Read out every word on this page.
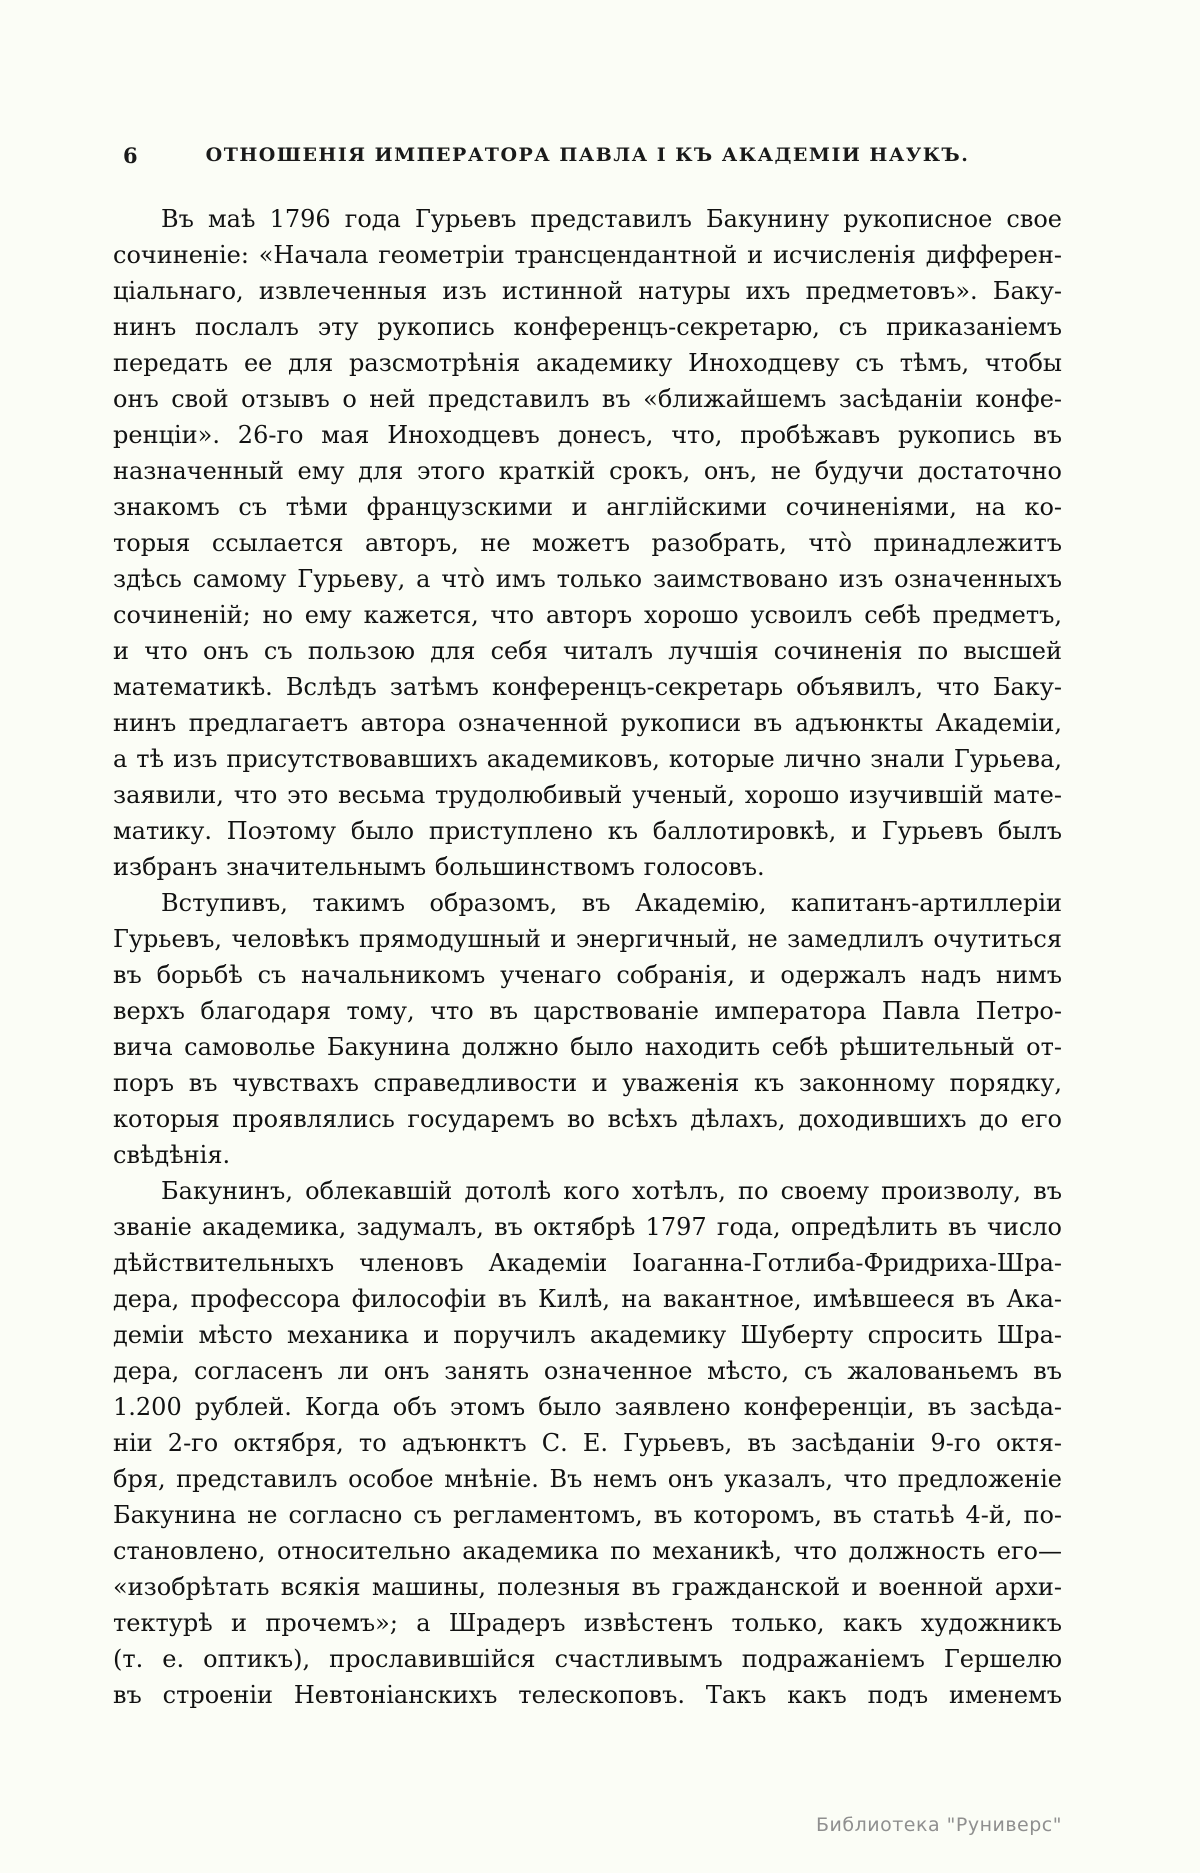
6	ОТНОШЕНІЯ ИМПЕРАТОРА ПАВЛА I КЪ АКАДЕМІИ НАУКЪ.
Въ маѣ 1796 года Гурьевъ представилъ Бакунину рукописное свое
сочиненіе: «Начала геометріи трансцендантной и исчисленія дифферен-
ціальнаго, извлеченныя изъ истинной натуры ихъ предметовъ». Баку-
нинъ послалъ эту рукопись конференцъ-секретарю, съ приказаніемъ
передать ее для разсмотрѣнія академику Иноходцеву съ тѣмъ, чтобы
онъ свой отзывъ о ней представилъ въ «ближайшемъ засѣданіи конфе-
ренціи». 26-го мая Иноходцевъ донесъ, что, пробѣжавъ рукопись въ
назначенный ему для этого краткій срокъ, онъ, не будучи достаточно
знакомъ съ тѣми французскими и англійскими сочиненіями, на ко-
торыя ссылается авторъ, не можетъ разобрать, что̀ принадлежитъ
здѣсь самому Гурьеву, а что̀ имъ только заимствовано изъ означенныхъ
сочиненій; но ему кажется, что авторъ хорошо усвоилъ себѣ предметъ,
и что онъ съ пользою для себя читалъ лучшія сочиненія по высшей
математикѣ. Вслѣдъ затѣмъ конференцъ-секретарь объявилъ, что Баку-
нинъ предлагаетъ автора означенной рукописи въ адъюнкты Академіи,
а тѣ изъ присутствовавшихъ академиковъ, которые лично знали Гурьева,
заявили, что это весьма трудолюбивый ученый, хорошо изучившій мате-
матику. Поэтому было приступлено къ баллотировкѣ, и Гурьевъ былъ
избранъ значительнымъ большинствомъ голосовъ.
Вступивъ, такимъ образомъ, въ Академію, капитанъ-артиллеріи
Гурьевъ, человѣкъ прямодушный и энергичный, не замедлилъ очутиться
въ борьбѣ съ начальникомъ ученаго собранія, и одержалъ надъ нимъ
верхъ благодаря тому, что въ царствованіе императора Павла Петро-
вича самоволье Бакунина должно было находить себѣ рѣшительный от-
поръ въ чувствахъ справедливости и уваженія къ законному порядку,
которыя проявлялись государемъ во всѣхъ дѣлахъ, доходившихъ до его
свѣдѣнія.
Бакунинъ, облекавшій дотолѣ кого хотѣлъ, по своему произволу, въ
званіе академика, задумалъ, въ октябрѣ 1797 года, опредѣлить въ число
дѣйствительныхъ членовъ Академіи Іоаганна-Готлиба-Фридриха-Шра-
дера, профессора философіи въ Килѣ, на вакантное, имѣвшееся въ Ака-
деміи мѣсто механика и поручилъ академику Шуберту спросить Шра-
дера, согласенъ ли онъ занять означенное мѣсто, съ жалованьемъ въ
1.200 рублей. Когда объ этомъ было заявлено конференціи, въ засѣда-
ніи 2-го октября, то адъюнктъ С. Е. Гурьевъ, въ засѣданіи 9-го октя-
бря, представилъ особое мнѣніе. Въ немъ онъ указалъ, что предложеніе
Бакунина не согласно съ регламентомъ, въ которомъ, въ статьѣ 4-й, по-
становлено, относительно академика по механикѣ, что должность его—
«изобрѣтать всякія машины, полезныя въ гражданской и военной архи-
тектурѣ и прочемъ»; а Шрадеръ извѣстенъ только, какъ художникъ
(т. е. оптикъ), прославившійся счастливымъ подражаніемъ Гершелю
въ строеніи Невтоніанскихъ телескоповъ. Такъ какъ подъ именемъ
Библиотека "Руниверс"
